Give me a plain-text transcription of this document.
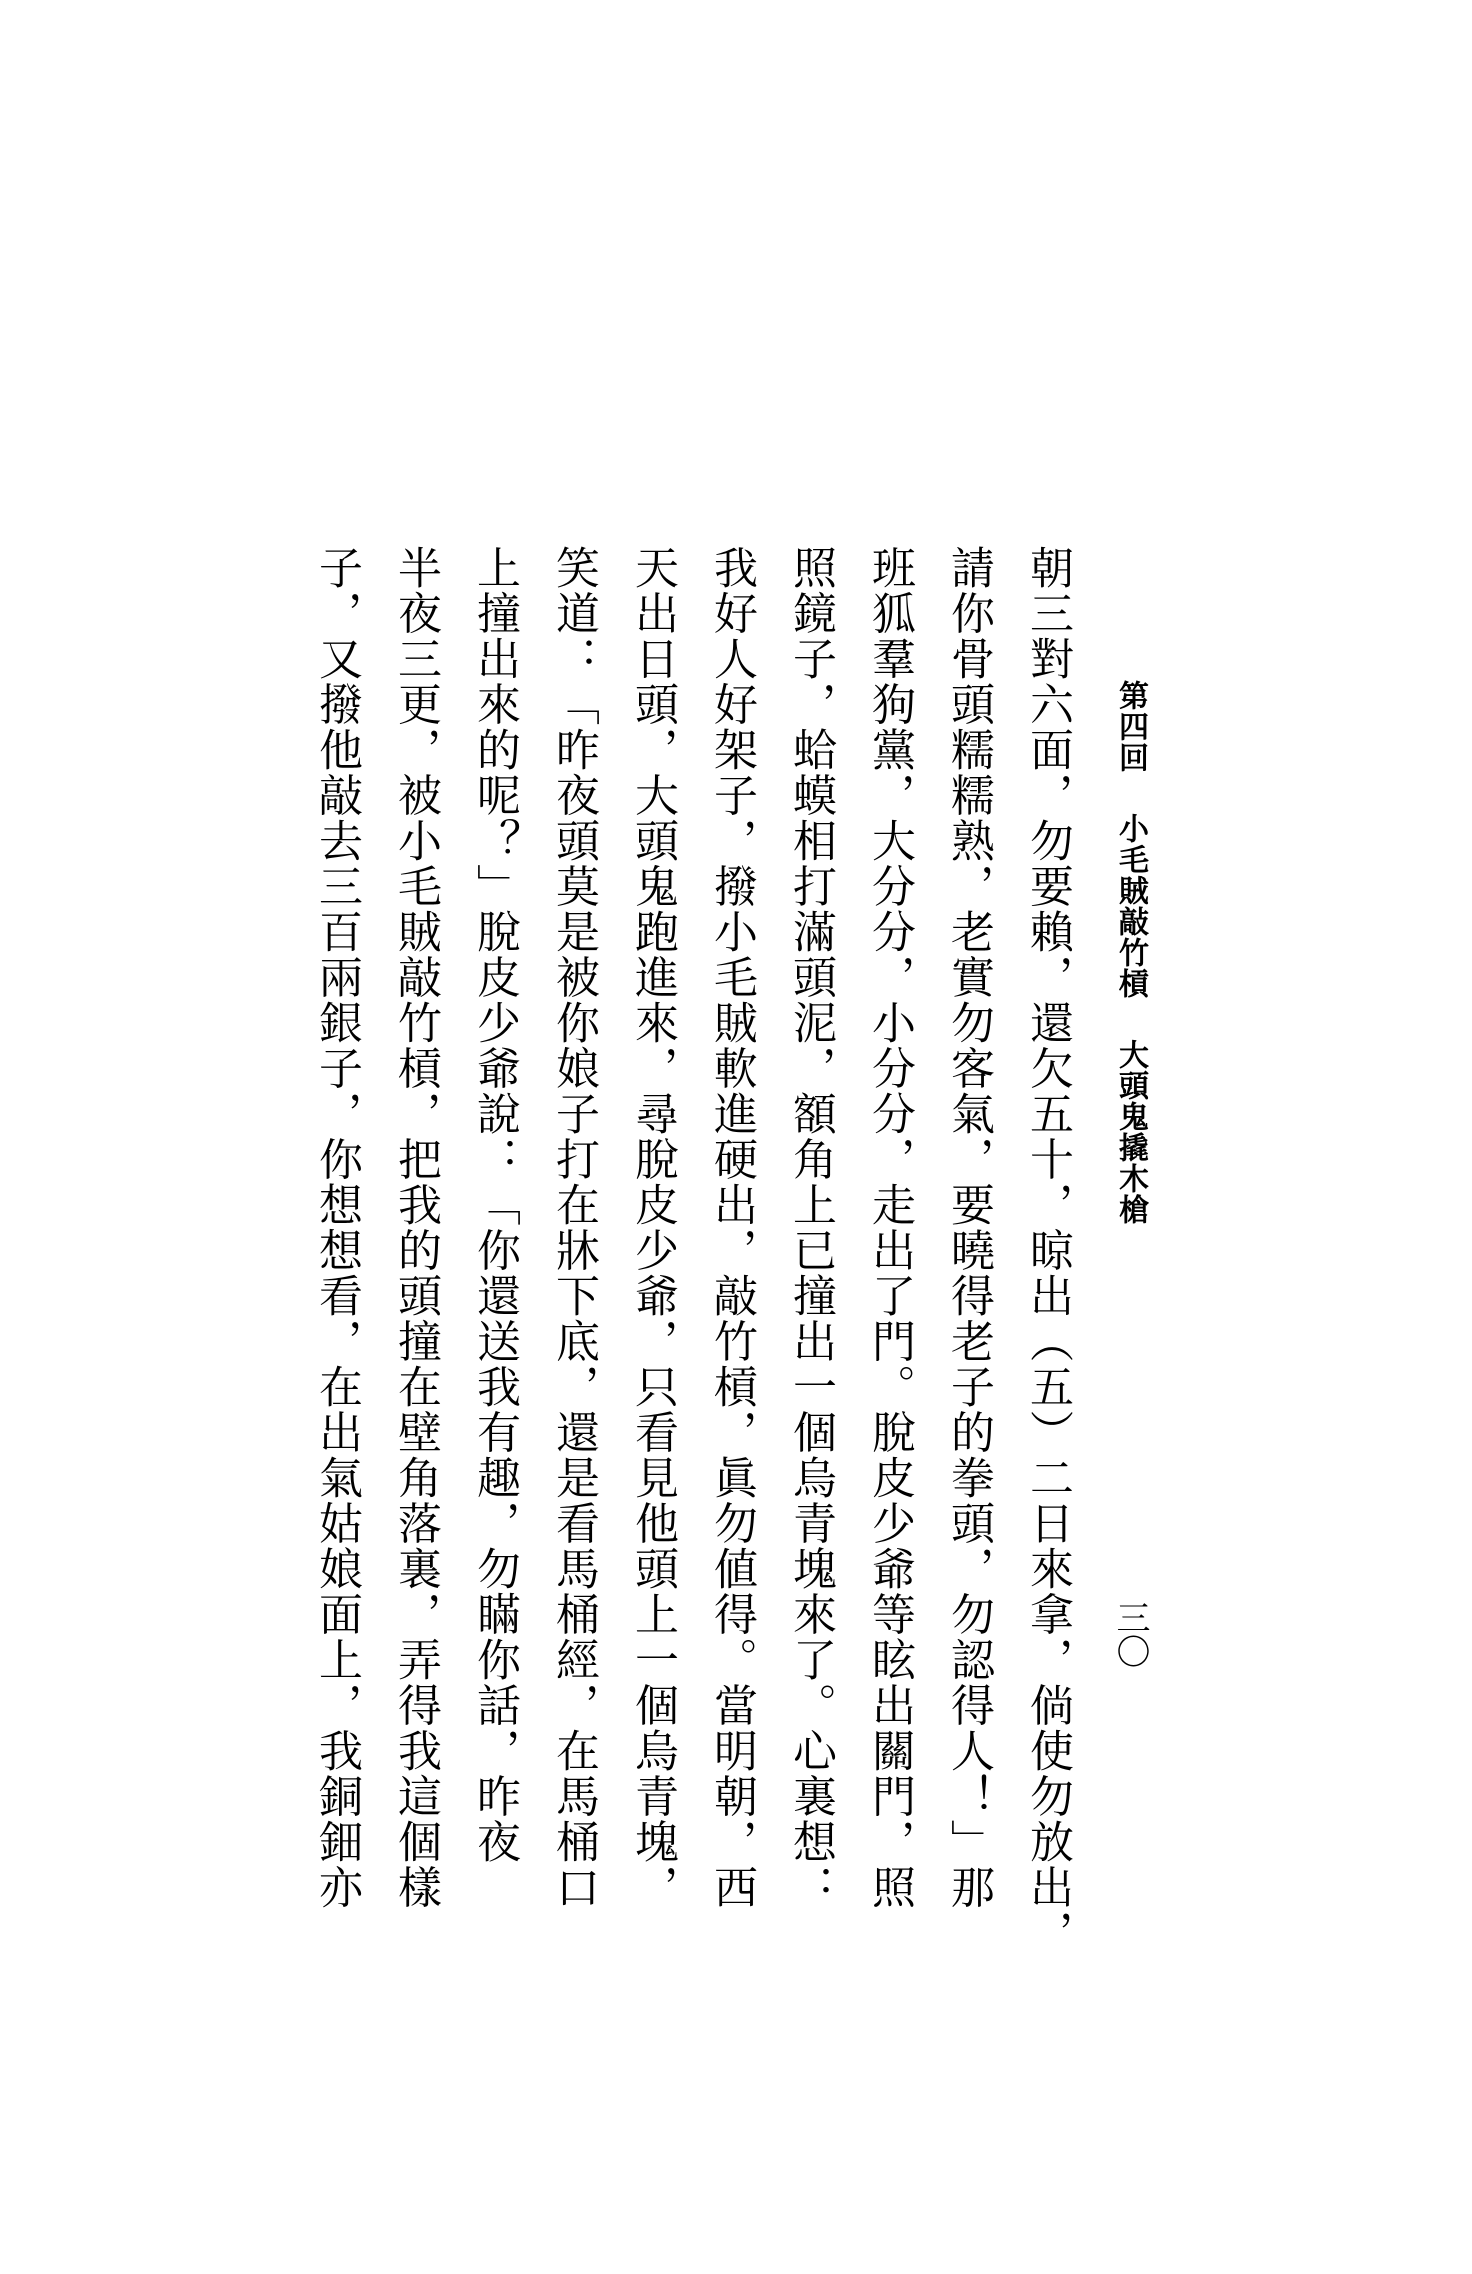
第四回小毛賊敲竹槓大頭鬼撬木槍
三〇
朝三對六面，勿要賴，還欠五十，晾出（五）二日來拿，倘使勿放出，
請你骨頭糯糯熟，老實勿客氣，要曉得老子的拳頭，勿認得人！」那
班狐羣狗黨，大分分，小分分，走出了門。脫皮少爺等眩出關門，照
照鏡子，蛤蟆相打滿頭泥，額角上已撞出一個烏青塊來了。心裏想：
我好人好架子，撥小毛賊軟進硬出，敲竹槓，眞勿値得。當明朝，西
天出日頭，大頭鬼跑進來，尋脫皮少爺，只看見他頭上一個烏青塊，
笑道：「昨夜頭莫是被你娘子打在牀下底，還是看馬桶經，在馬桶口
上撞出來的呢？」脫皮少爺說：「你還送我有趣，勿瞞你話，昨夜
半夜三更，被小毛賊敲竹槓，把我的頭撞在壁角落裏，弄得我這個樣
子，又撥他敲去三百兩銀子，你想想看，在出氣姑娘面上，我銅鈿亦
